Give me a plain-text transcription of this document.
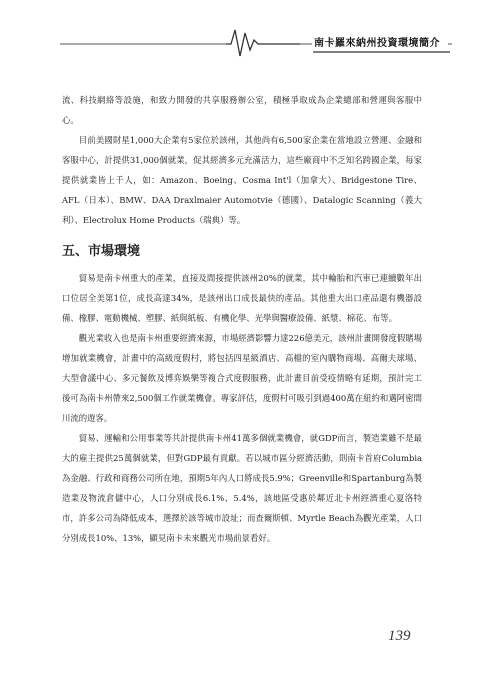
南卡羅來納州投資環境簡介

流、科技網絡等設施，和致力開發的共享服務辦公室，積極爭取成為企業總部和營運與客服中心。

目前美國財星1,000大企業有5家位於該州，其他尚有6,500家企業在當地設立營運、金融和客服中心，計提供31,000個就業，促其經濟多元充滿活力，這些廠商中不乏知名跨國企業，每家提供就業皆上千人，如：Amazon、Boeing、Cosma Int'l（加拿大）、Bridgestone Tire、AFL（日本）、BMW、DAA Draxlmaier Automotvie（德國）、Datalogic Scanning（義大利）、Electrolux Home Products（瑞典）等。

五、市場環境

貿易是南卡州重大的產業，直接及間接提供該州20%的就業，其中輪胎和汽車已連續數年出口位居全美第1位，成長高達34%，是該州出口成長最快的產品。其他重大出口產品還有機器設備、橡膠、電動機械、塑膠、紙與紙板、有機化學、光學與醫療設備、紙漿、棉花、布等。

觀光業收入也是南卡州重要經濟來源，市場經濟影響力達226億美元，該州計畫開發度假賭場增加就業機會，計畫中的高級度假村，將包括四星級酒店、高檔的室內購物商場、高爾夫球場、大型會議中心、多元餐飲及博弈娛樂等複合式度假服務，此計畫目前受疫情略有延期，預計完工後可為南卡州帶來2,500個工作就業機會。專家評估，度假村可吸引到過400萬在紐約和邁阿密間川流的遊客。

貿易、運輸和公用事業等共計提供南卡州41萬多個就業機會，就GDP而言，製造業雖不是最大的雇主提供25萬個就業，但對GDP最有貢獻。若以城市區分經濟活動，則南卡首府Columbia為金融、行政和商務公司所在地，預期5年內人口將成長5.9%；Greenville和Spartanburg為製造業及物流倉儲中心，人口分別成長6.1%、5.4%，該地區受惠於鄰近北卡州經濟重心夏洛特市，許多公司為降低成本，選擇於該等城市設址；而查爾斯頓、Myrtle Beach為觀光產業，人口分別成長10%、13%，顯見南卡未來觀光市場前景看好。

139
